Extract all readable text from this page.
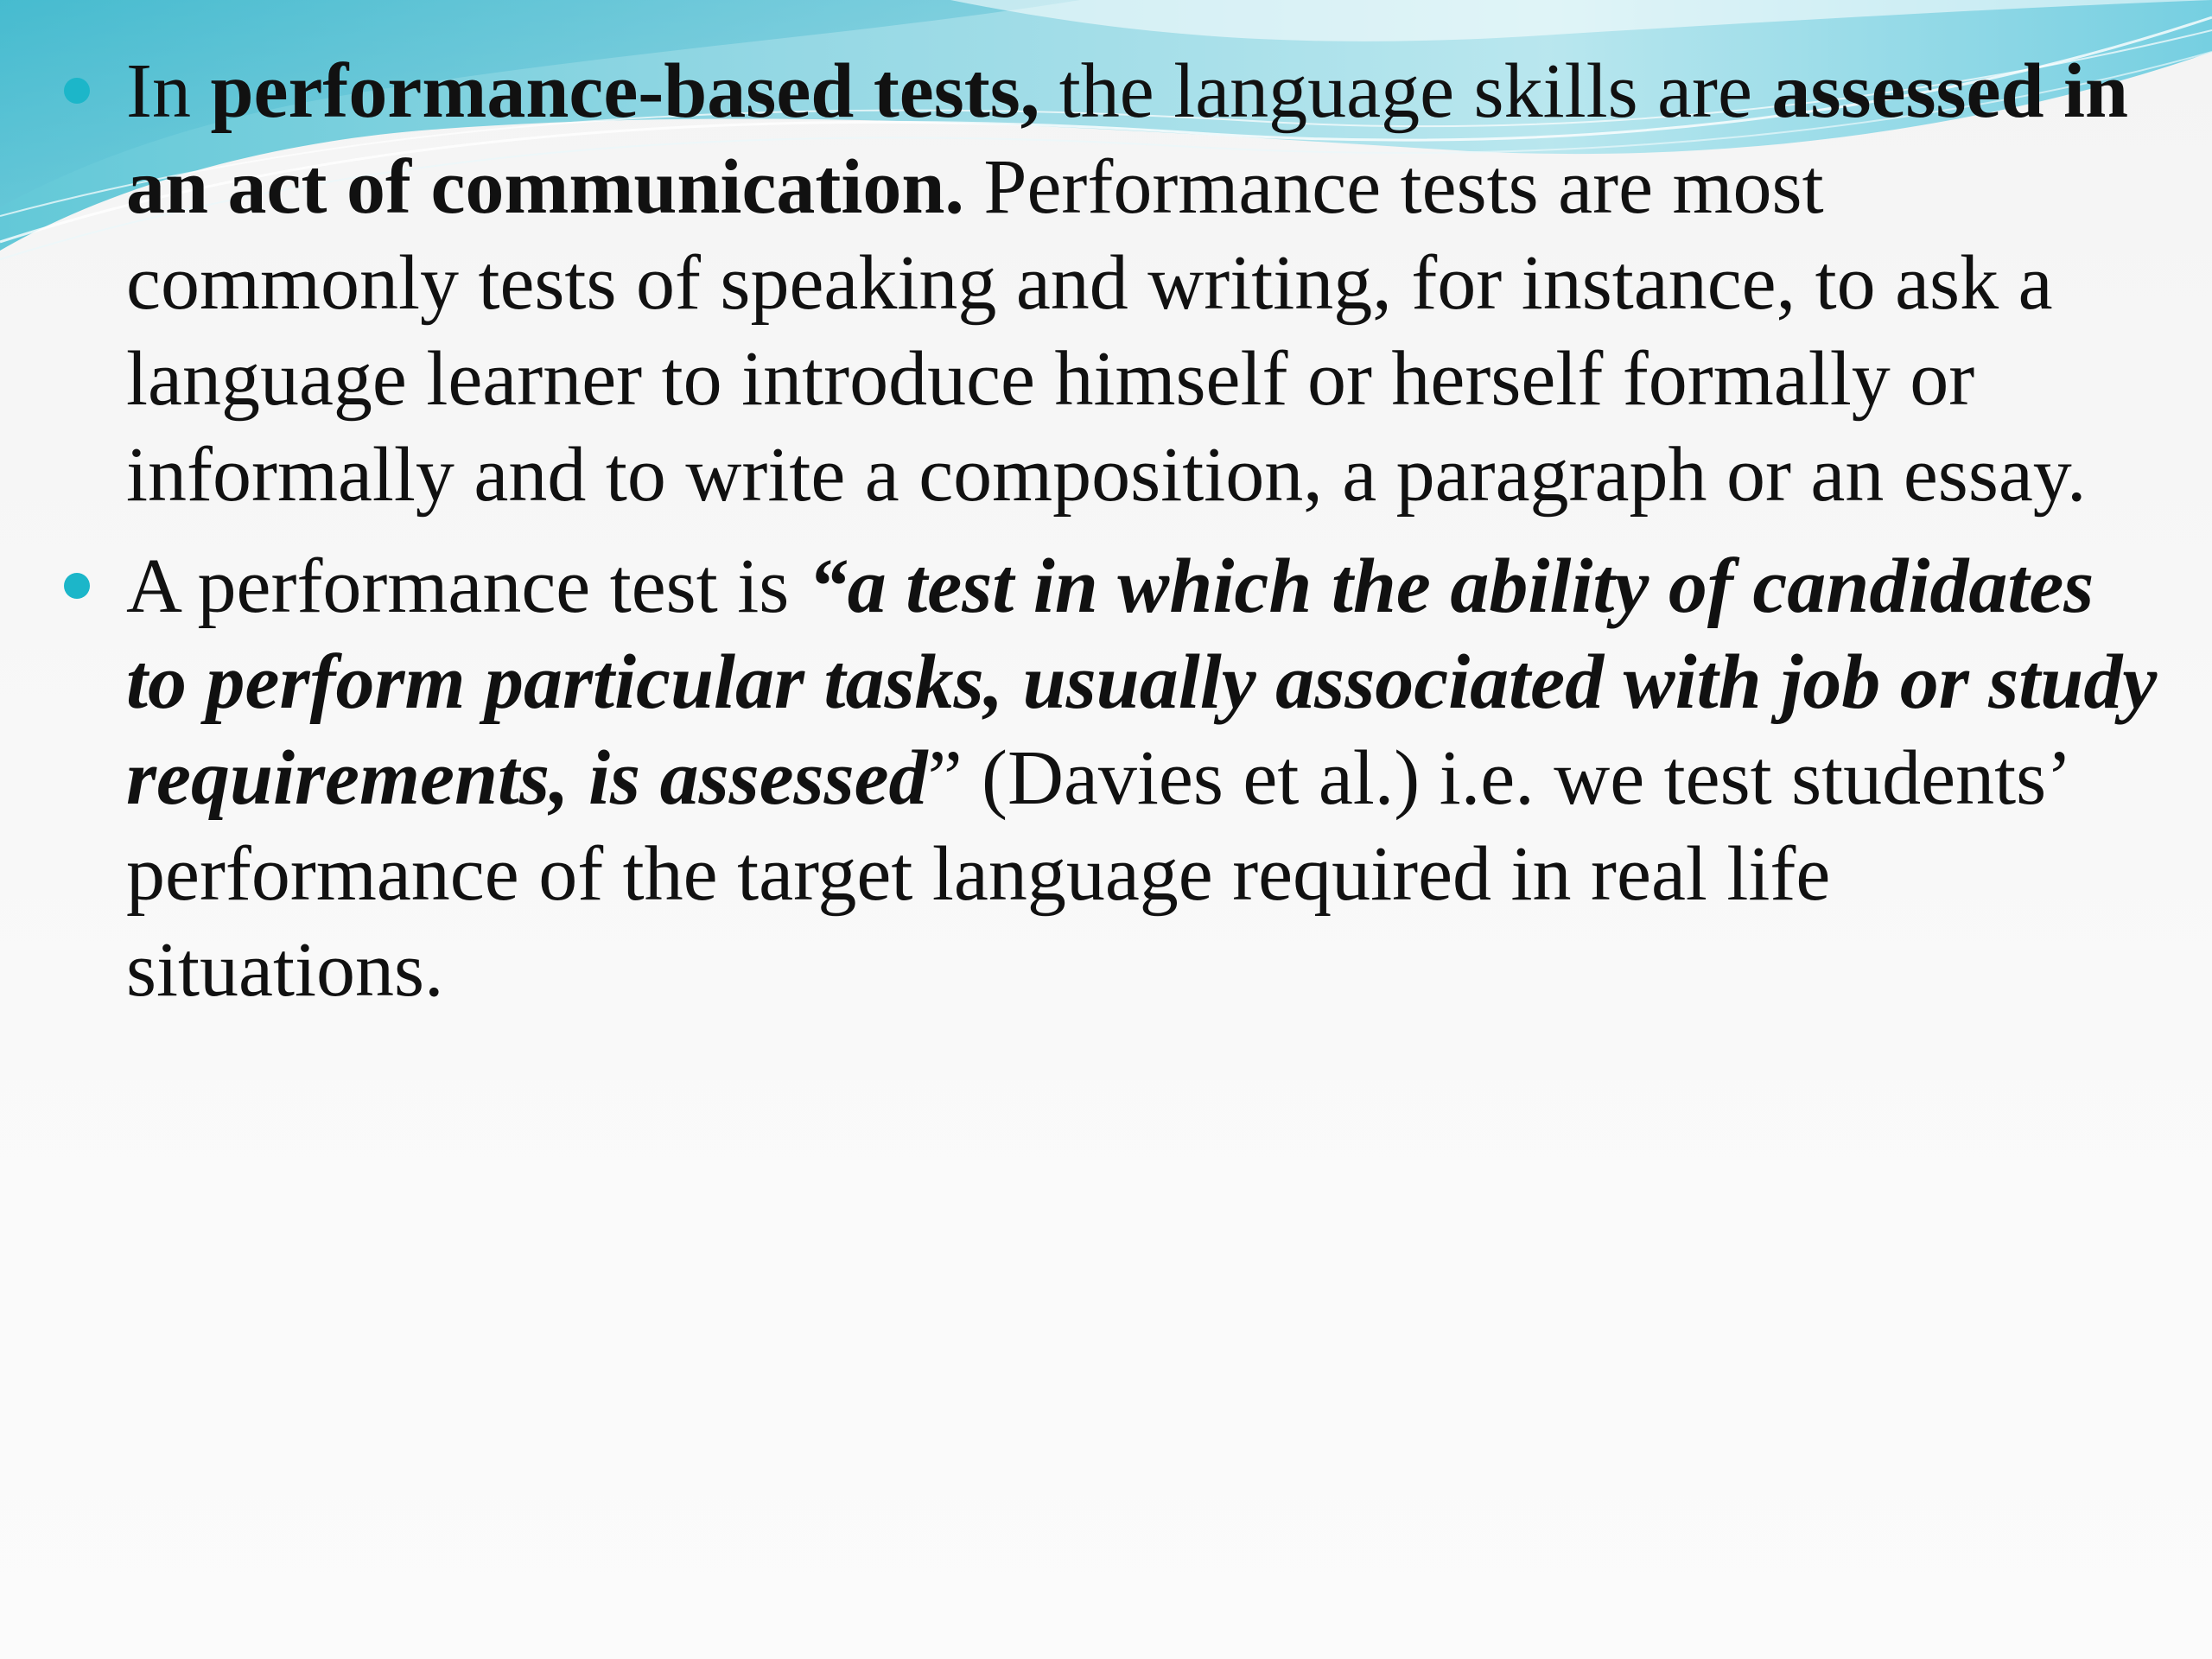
In performance-based tests, the language skills are assessed in an act of communication. Performance tests are most commonly tests of speaking and writing, for instance, to ask a language learner to introduce himself or herself formally or informally and to write a composition, a paragraph or an essay.
A performance test is “a test in which the ability of candidates to perform particular tasks, usually associated with job or study requirements, is assessed” (Davies et al.) i.e. we test students’ performance of the target language required in real life situations.
